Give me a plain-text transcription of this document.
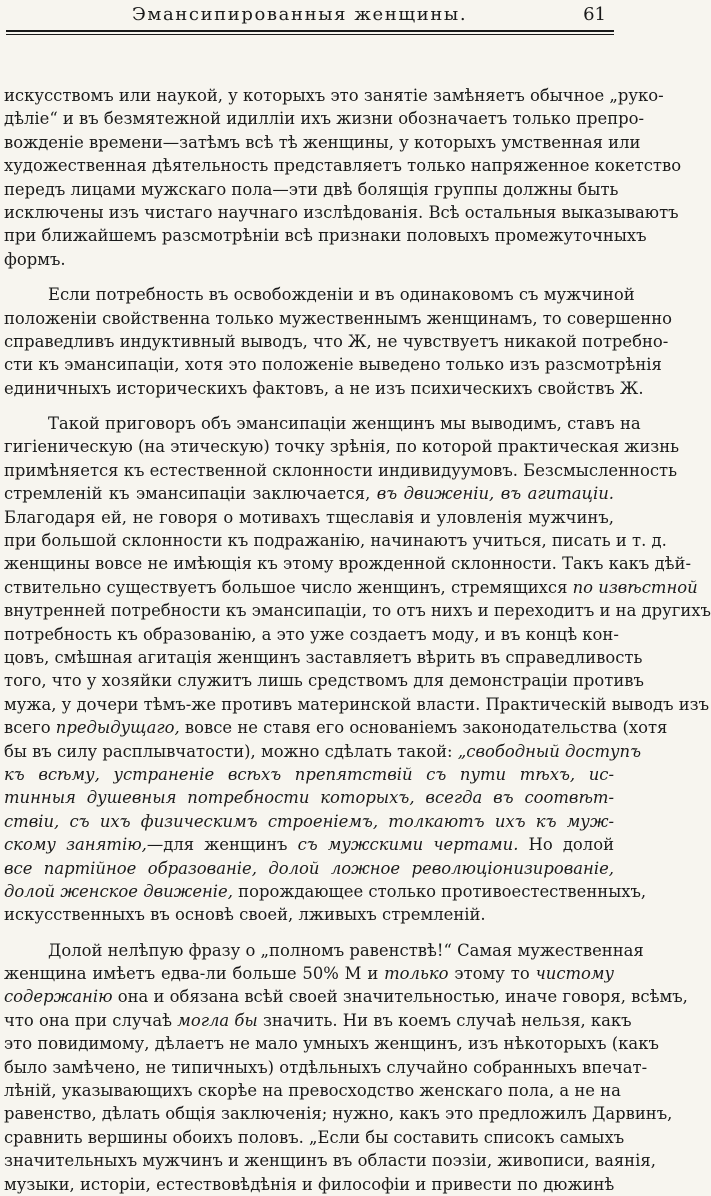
Эмансипированныя женщины.	61
искусствомъ или наукой, у которыхъ это занятіе замѣняетъ обычное „руко-
дѣліе“ и въ безмятежной идилліи ихъ жизни обозначаетъ только препро-
вожденіе времени—затѣмъ всѣ тѣ женщины, у которыхъ умственная или
художественная дѣятельность представляетъ только напряженное кокетство
передъ лицами мужскаго пола—эти двѣ болящія группы должны быть
исключены изъ чистаго научнаго изслѣдованія. Всѣ остальныя выказываютъ
при ближайшемъ разсмотрѣніи всѣ признаки половыхъ промежуточныхъ
формъ.
Если потребность въ освобожденіи и въ одинаковомъ съ мужчиной
положеніи свойственна только мужественнымъ женщинамъ, то совершенно
справедливъ индуктивный выводъ, что Ж, не чувствуетъ никакой потребно-
сти къ эмансипаціи, хотя это положеніе выведено только изъ разсмотрѣнія
единичныхъ историческихъ фактовъ, а не изъ психическихъ свойствъ Ж.
Такой приговоръ объ эмансипаціи женщинъ мы выводимъ, ставъ на
гигіеническую (на этическую) точку зрѣнія, по которой практическая жизнь
примѣняется къ естественной склонности индивидуумовъ. Безсмысленность
стремленій къ эмансипаціи заключается, въ движеніи, въ агитаціи.
Благодаря ей, не говоря о мотивахъ тщеславія и уловленія мужчинъ,
при большой склонности къ подражанію, начинаютъ учиться, писать и т. д.
женщины вовсе не имѣющія къ этому врожденной склонности. Такъ какъ дѣй-
ствительно существуетъ большое число женщинъ, стремящихся по извѣстной
внутренней потребности къ эмансипаціи, то отъ нихъ и переходитъ и на другихъ
потребность къ образованію, а это уже создаетъ моду, и въ концѣ кон-
цовъ, смѣшная агитація женщинъ заставляетъ вѣрить въ справедливость
того, что у хозяйки служитъ лишь средствомъ для демонстраціи противъ
мужа, у дочери тѣмъ-же противъ материнской власти. Практическій выводъ изъ
всего предыдущаго, вовсе не ставя его основаніемъ законодательства (хотя
бы въ силу расплывчатости), можно сдѣлать такой: „свободный доступъ
къ всѣму, устраненіе всѣхъ препятствій съ пути тѣхъ, ис-
тинныя душевныя потребности которыхъ, всегда въ соотвѣт-
ствіи, съ ихъ физическимъ строеніемъ, толкаютъ ихъ къ муж-
скому занятію,—для женщинъ съ мужскими чертами. Но долой
все партійное образованіе, долой ложное революціонизированіе,
долой женское движеніе, порождающее столько противоестественныхъ,
искусственныхъ въ основѣ своей, лживыхъ стремленій.
Долой нелѣпую фразу о „полномъ равенствѣ!“ Самая мужественная
женщина имѣетъ едва-ли больше 50% М и только этому то чистому
содержанію она и обязана всѣй своей значительностью, иначе говоря, всѣмъ,
что она при случаѣ могла бы значить. Ни въ коемъ случаѣ нельзя, какъ
это повидимому, дѣлаетъ не мало умныхъ женщинъ, изъ нѣкоторыхъ (какъ
было замѣчено, не типичныхъ) отдѣльныхъ случайно собранныхъ впечат-
лѣній, указывающихъ скорѣе на превосходство женскаго пола, а не на
равенство, дѣлать общія заключенія; нужно, какъ это предложилъ Дарвинъ,
сравнить вершины обоихъ половъ. „Если бы составить списокъ самыхъ
значительныхъ мужчинъ и женщинъ въ области поэзіи, живописи, ваянія,
музыки, исторіи, естествовѣдѣнія и философіи и привести по дюжинѣ
